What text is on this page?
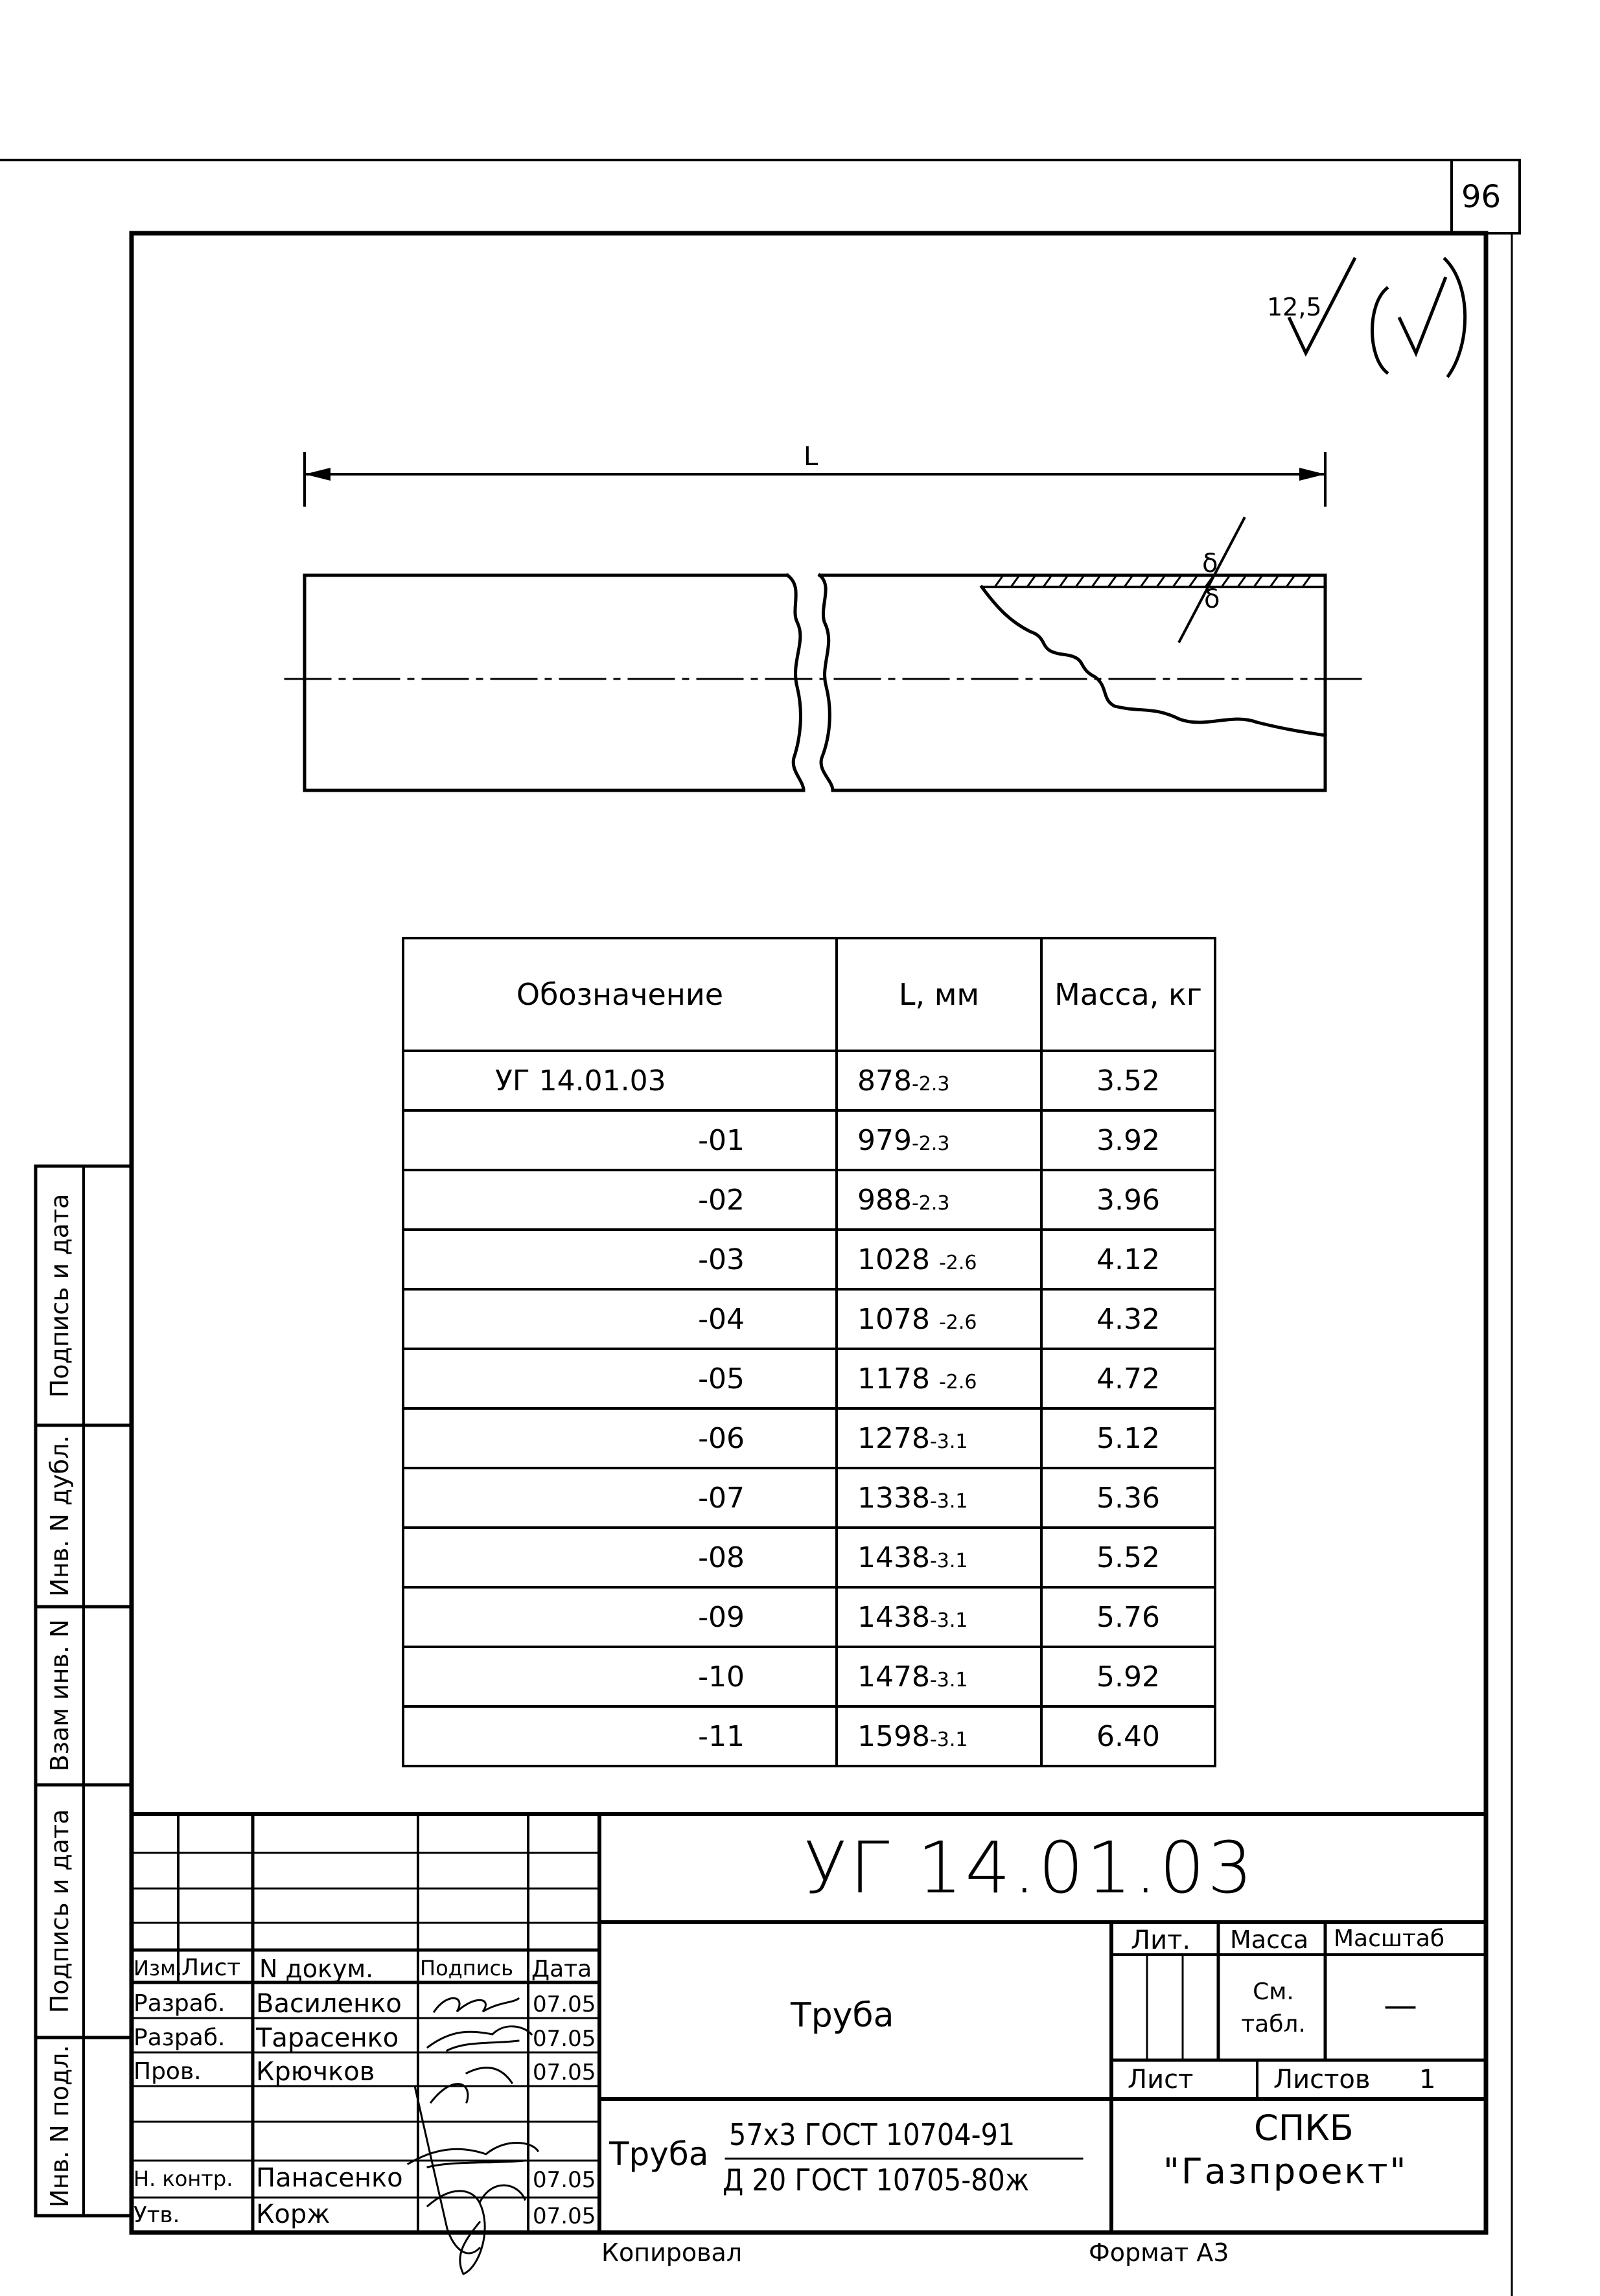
96
12,5
L
δ
δ
Обозначение	L, мм	Масса, кг
УГ 14.01.03	878-2.3	3.52
-01	979-2.3	3.92
-02	988-2.3	3.96
-03	1028 -2.6	4.12
-04	1078 -2.6	4.32
-05	1178 -2.6	4.72
-06	1278-3.1	5.12
-07	1338-3.1	5.36
-08	1438-3.1	5.52
-09	1438-3.1	5.76
-10	1478-3.1	5.92
-11	1598-3.1	6.40
Подпись и дата
Инв. N дубл.
Взам инв. N
Подпись и дата
Инв. N подл.
УГ 14.01.03
Труба
Труба
57x3 ГОСТ 10704-91
Д 20 ГОСТ 10705-80ж
Лит. Масса Масштаб
См. табл.	—
Лист	Листов 1
СПКБ
"Газпроект"
Изм.
Лист N докум. Подпись Дата
Разраб. Василенко	07.05
Разраб. Тарасенко	07.05
Пров. Крючков	07.05
Н. контр. Панасенко	07.05
Утв.	Корж	07.05
Копировал	Формат А3
